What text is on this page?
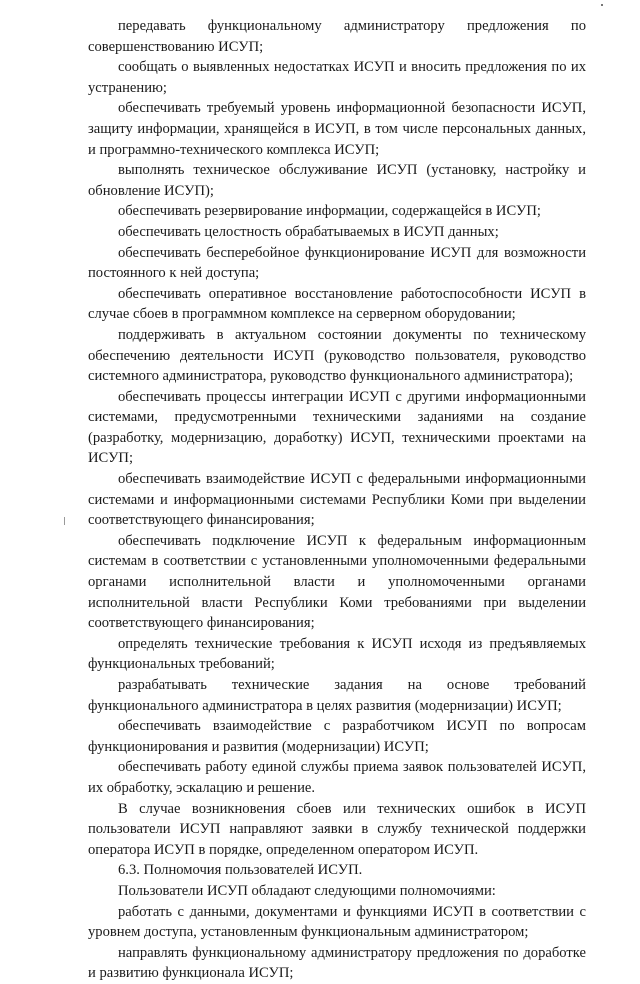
передавать функциональному администратору предложения по совершенствованию ИСУП;

сообщать о выявленных недостатках ИСУП и вносить предложения по их устранению;

обеспечивать требуемый уровень информационной безопасности ИСУП, защиту информации, хранящейся в ИСУП, в том числе персональных данных, и программно-технического комплекса ИСУП;

выполнять техническое обслуживание ИСУП (установку, настройку и обновление ИСУП);

обеспечивать резервирование информации, содержащейся в ИСУП;

обеспечивать целостность обрабатываемых в ИСУП данных;

обеспечивать бесперебойное функционирование ИСУП для возможности постоянного к ней доступа;

обеспечивать оперативное восстановление работоспособности ИСУП в случае сбоев в программном комплексе на серверном оборудовании;

поддерживать в актуальном состоянии документы по техническому обеспечению деятельности ИСУП (руководство пользователя, руководство системного администратора, руководство функционального администратора);

обеспечивать процессы интеграции ИСУП с другими информационными системами, предусмотренными техническими заданиями на создание (разработку, модернизацию, доработку) ИСУП, техническими проектами на ИСУП;

обеспечивать взаимодействие ИСУП с федеральными информационными системами и информационными системами Республики Коми при выделении соответствующего финансирования;

обеспечивать подключение ИСУП к федеральным информационным системам в соответствии с установленными уполномоченными федеральными органами исполнительной власти и уполномоченными органами исполнительной власти Республики Коми требованиями при выделении соответствующего финансирования;

определять технические требования к ИСУП исходя из предъявляемых функциональных требований;

разрабатывать технические задания на основе требований функционального администратора в целях развития (модернизации) ИСУП;

обеспечивать взаимодействие с разработчиком ИСУП по вопросам функционирования и развития (модернизации) ИСУП;

обеспечивать работу единой службы приема заявок пользователей ИСУП, их обработку, эскалацию и решение.

В случае возникновения сбоев или технических ошибок в ИСУП пользователи ИСУП направляют заявки в службу технической поддержки оператора ИСУП в порядке, определенном оператором ИСУП.

6.3. Полномочия пользователей ИСУП.

Пользователи ИСУП обладают следующими полномочиями:

работать с данными, документами и функциями ИСУП в соответствии с уровнем доступа, установленным функциональным администратором;

направлять функциональному администратору предложения по доработке и развитию функционала ИСУП;
